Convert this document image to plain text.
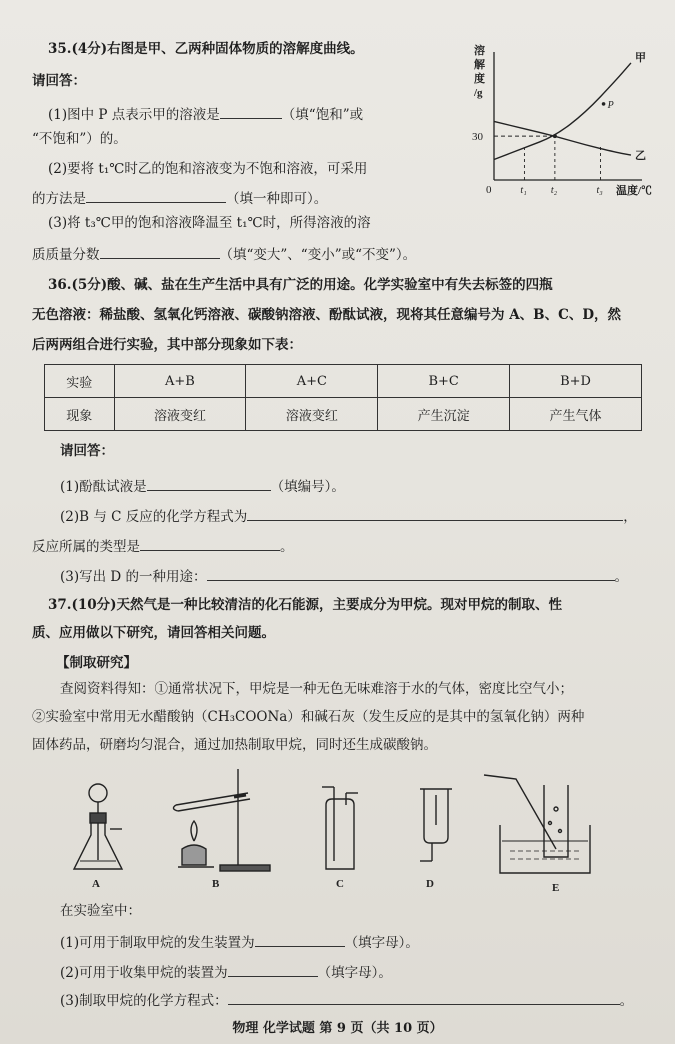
35.(4分)右图是甲、乙两种固体物质的溶解度曲线。
请回答：
(1)图中 P 点表示甲的溶液是	（填“饱和”或
“不饱和”）的。
(2)要将 t₁℃时乙的饱和溶液变为不饱和溶液，可采用
的方法是	（填一种即可）。
(3)将 t₃℃甲的饱和溶液降温至 t₁℃时，所得溶液的溶
质质量分数	（填“变大”、“变小”或“不变”）。
溶
解
度
/g
温度/℃
0
30
t₁ t₂	t₃
甲
乙
P
36.(5分)酸、碱、盐在生产生活中具有广泛的用途。化学实验室中有失去标签的四瓶
无色溶液：稀盐酸、氢氧化钙溶液、碳酸钠溶液、酚酞试液，现将其任意编号为 A、B、C、D，然
后两两组合进行实验，其中部分现象如下表：
实验	A+B	A+C	B+C	B+D
现象	溶液变红	溶液变红	产生沉淀	产生气体
请回答：
(1)酚酞试液是	（填编号）。
(2)B 与 C 反应的化学方程式为	，
反应所属的类型是	。
(3)写出 D 的一种用途：	。
37.(10分)天然气是一种比较清洁的化石能源，主要成分为甲烷。现对甲烷的制取、性
质、应用做以下研究，请回答相关问题。
【制取研究】
查阅资料得知：①通常状况下，甲烷是一种无色无味难溶于水的气体，密度比空气小；
②实验室中常用无水醋酸钠（CH₃COONa）和碱石灰（发生反应的是其中的氢氧化钠）两种
固体药品，研磨均匀混合，通过加热制取甲烷，同时还生成碳酸钠。
A	B	C	D	E
在实验室中：
(1)可用于制取甲烷的发生装置为	（填字母）。
(2)可用于收集甲烷的装置为	（填字母）。
(3)制取甲烷的化学方程式：	。
物理 化学试题 第 9 页（共 10 页）
